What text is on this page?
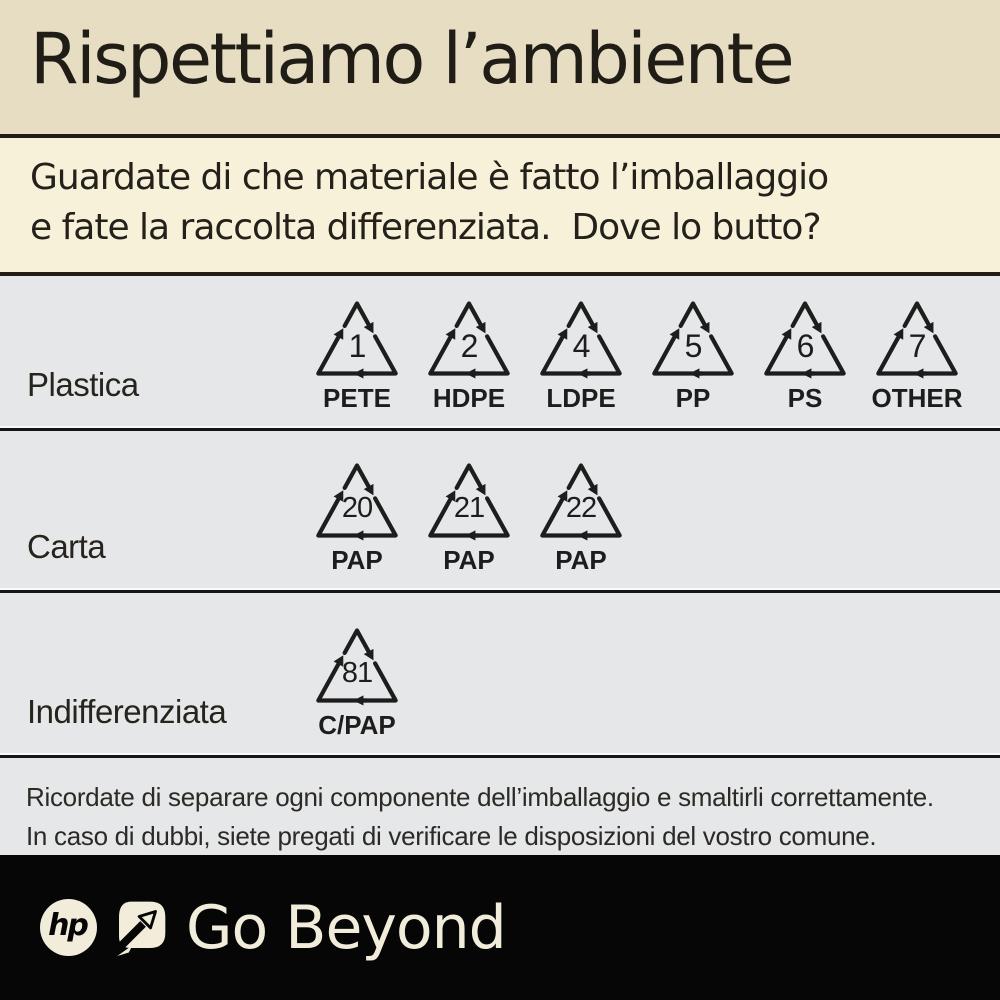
Rispettiamo l’ambiente

Guardate di che materiale è fatto l’imballaggio

e fate la raccolta differenziata.  Dove lo butto?

Plastica
1
PETE
2
HDPE
4
LDPE
5
PP
6
PS
7
OTHER
Carta
20
PAP
21
PAP
22
PAP
Indifferenziata
81
C/PAP

Ricordate di separare ogni componente dell’imballaggio e smaltirli correttamente.

In caso di dubbi, siete pregati di verificare le disposizioni del vostro comune.

hp Go Beyond
